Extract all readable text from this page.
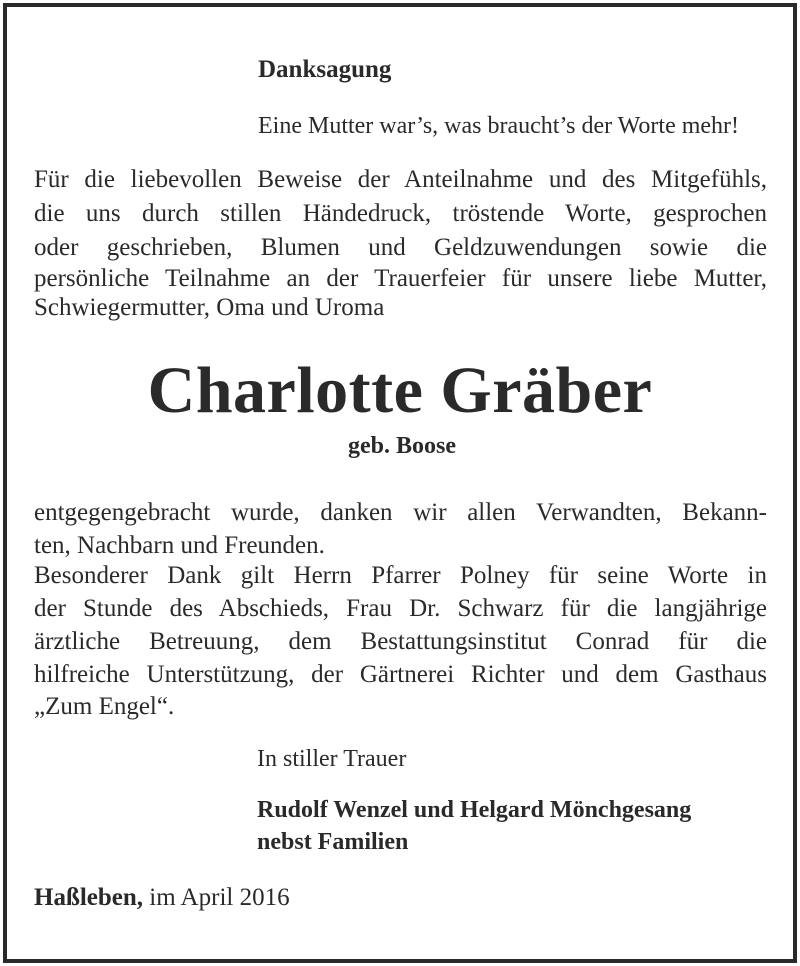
Danksagung
Eine Mutter war’s, was braucht’s der Worte mehr!
Für die liebevollen Beweise der Anteilnahme und des Mitgefühls,
die uns durch stillen Händedruck, tröstende Worte, gesprochen
oder geschrieben, Blumen und Geldzuwendungen sowie die
persönliche Teilnahme an der Trauerfeier für unsere liebe Mutter,
Schwiegermutter, Oma und Uroma
Charlotte Gräber
geb. Boose
entgegengebracht wurde, danken wir allen Verwandten, Bekann-
ten, Nachbarn und Freunden.
Besonderer Dank gilt Herrn Pfarrer Polney für seine Worte in
der Stunde des Abschieds, Frau Dr. Schwarz für die langjährige
ärztliche Betreuung, dem Bestattungsinstitut Conrad für die
hilfreiche Unterstützung, der Gärtnerei Richter und dem Gasthaus
„Zum Engel“.
In stiller Trauer
Rudolf Wenzel und Helgard Mönchgesang
nebst Familien
Haßleben, im April 2016
